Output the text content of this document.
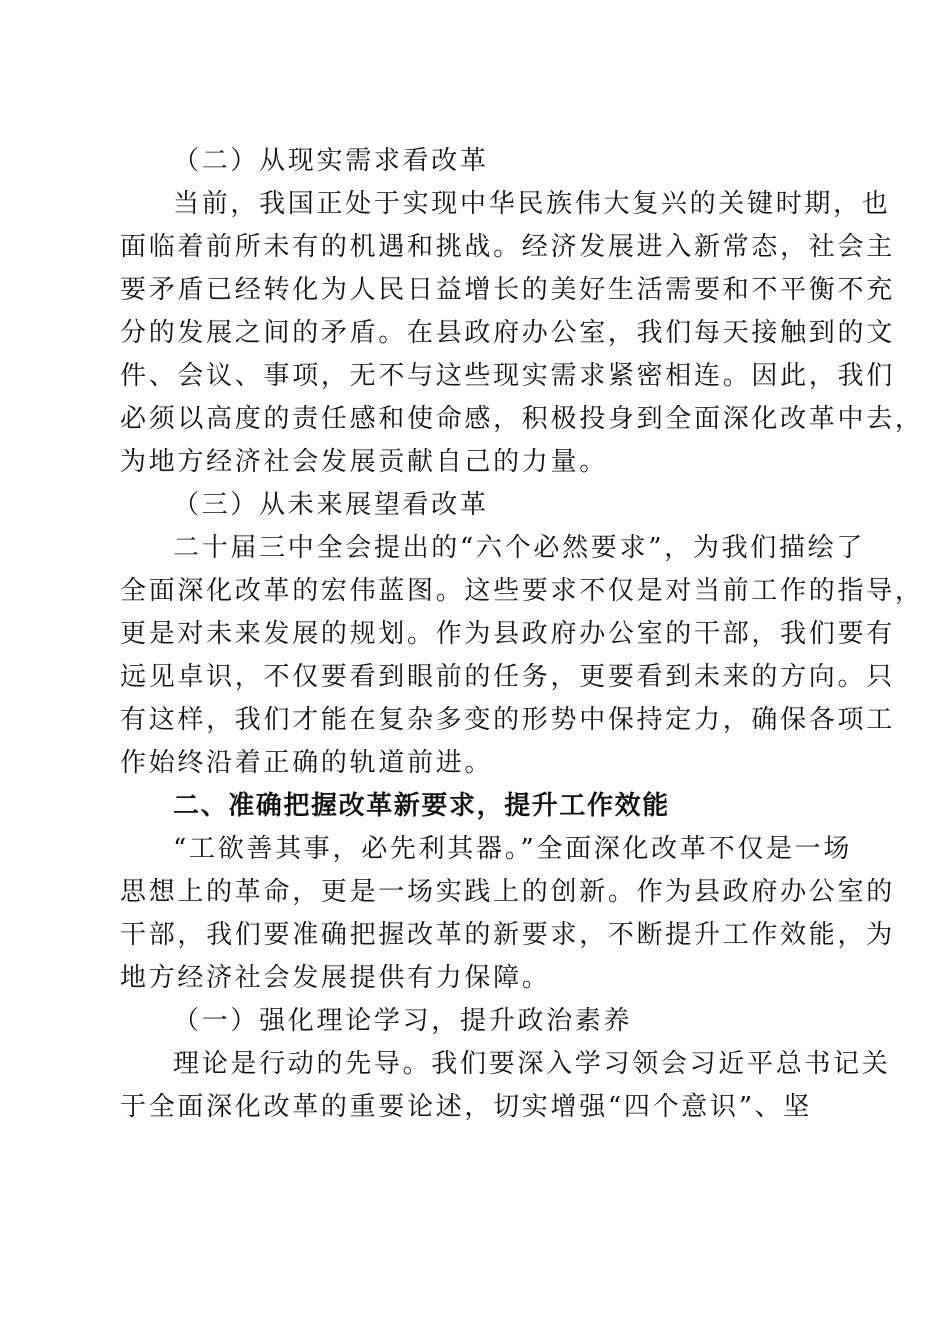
（二）从现实需求看改革
当前，我国正处于实现中华民族伟大复兴的关键时期，也
面临着前所未有的机遇和挑战。经济发展进入新常态，社会主
要矛盾已经转化为人民日益增长的美好生活需要和不平衡不充
分的发展之间的矛盾。在县政府办公室，我们每天接触到的文
件、会议、事项，无不与这些现实需求紧密相连。因此，我们
必须以高度的责任感和使命感，积极投身到全面深化改革中去，
为地方经济社会发展贡献自己的力量。
（三）从未来展望看改革
二十届三中全会提出的“六个必然要求”，为我们描绘了
全面深化改革的宏伟蓝图。这些要求不仅是对当前工作的指导，
更是对未来发展的规划。作为县政府办公室的干部，我们要有
远见卓识，不仅要看到眼前的任务，更要看到未来的方向。只
有这样，我们才能在复杂多变的形势中保持定力，确保各项工
作始终沿着正确的轨道前进。
二、准确把握改革新要求，提升工作效能
“工欲善其事，必先利其器。”全面深化改革不仅是一场
思想上的革命，更是一场实践上的创新。作为县政府办公室的
干部，我们要准确把握改革的新要求，不断提升工作效能，为
地方经济社会发展提供有力保障。
（一）强化理论学习，提升政治素养
理论是行动的先导。我们要深入学习领会习近平总书记关
于全面深化改革的重要论述，切实增强“四个意识”、坚
